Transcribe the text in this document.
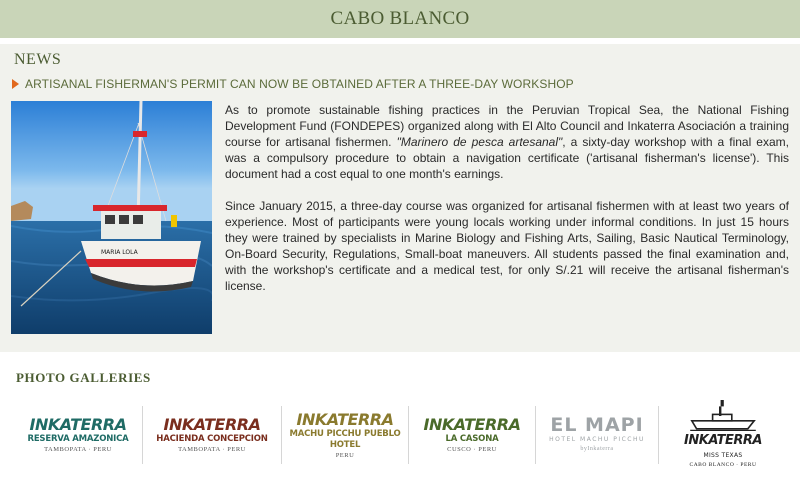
CABO BLANCO
NEWS
ARTISANAL FISHERMAN'S PERMIT CAN NOW BE OBTAINED AFTER A THREE-DAY WORKSHOP
MARIA LOLA

As to promote sustainable fishing practices in the Peruvian Tropical Sea, the National Fishing Development Fund (FONDEPES) organized along with El Alto Council and Inkaterra Asociación a training course for artisanal fishermen. "Marinero de pesca artesanal", a sixty-day workshop with a final exam, was a compulsory procedure to obtain a navigation certificate ('artisanal fisherman's license'). This document had a cost equal to one month's earnings.

Since January 2015, a three-day course was organized for artisanal fishermen with at least two years of experience. Most of participants were young locals working under informal conditions. In just 15 hours they were trained by specialists in Marine Biology and Fishing Arts, Sailing, Basic Nautical Terminology, On-Board Security, Regulations, Small-boat maneuvers. All students passed the final examination and, with the workshop's certificate and a medical test, for only S/.21 will receive the artisanal fisherman's license.

PHOTO GALLERIES
INKATERRA
RESERVA AMAZONICA
TAMBOPATA · PERU
INKATERRA
HACIENDA CONCEPCION
TAMBOPATA · PERU
INKATERRA
MACHU PICCHU PUEBLO HOTEL
PERU
INKATERRA
LA CASONA
CUSCO · PERU
EL MAPI
HOTEL MACHU PICCHU
byInkaterra
INKATERRA
MISS TEXAS
CABO BLANCO · PERU
